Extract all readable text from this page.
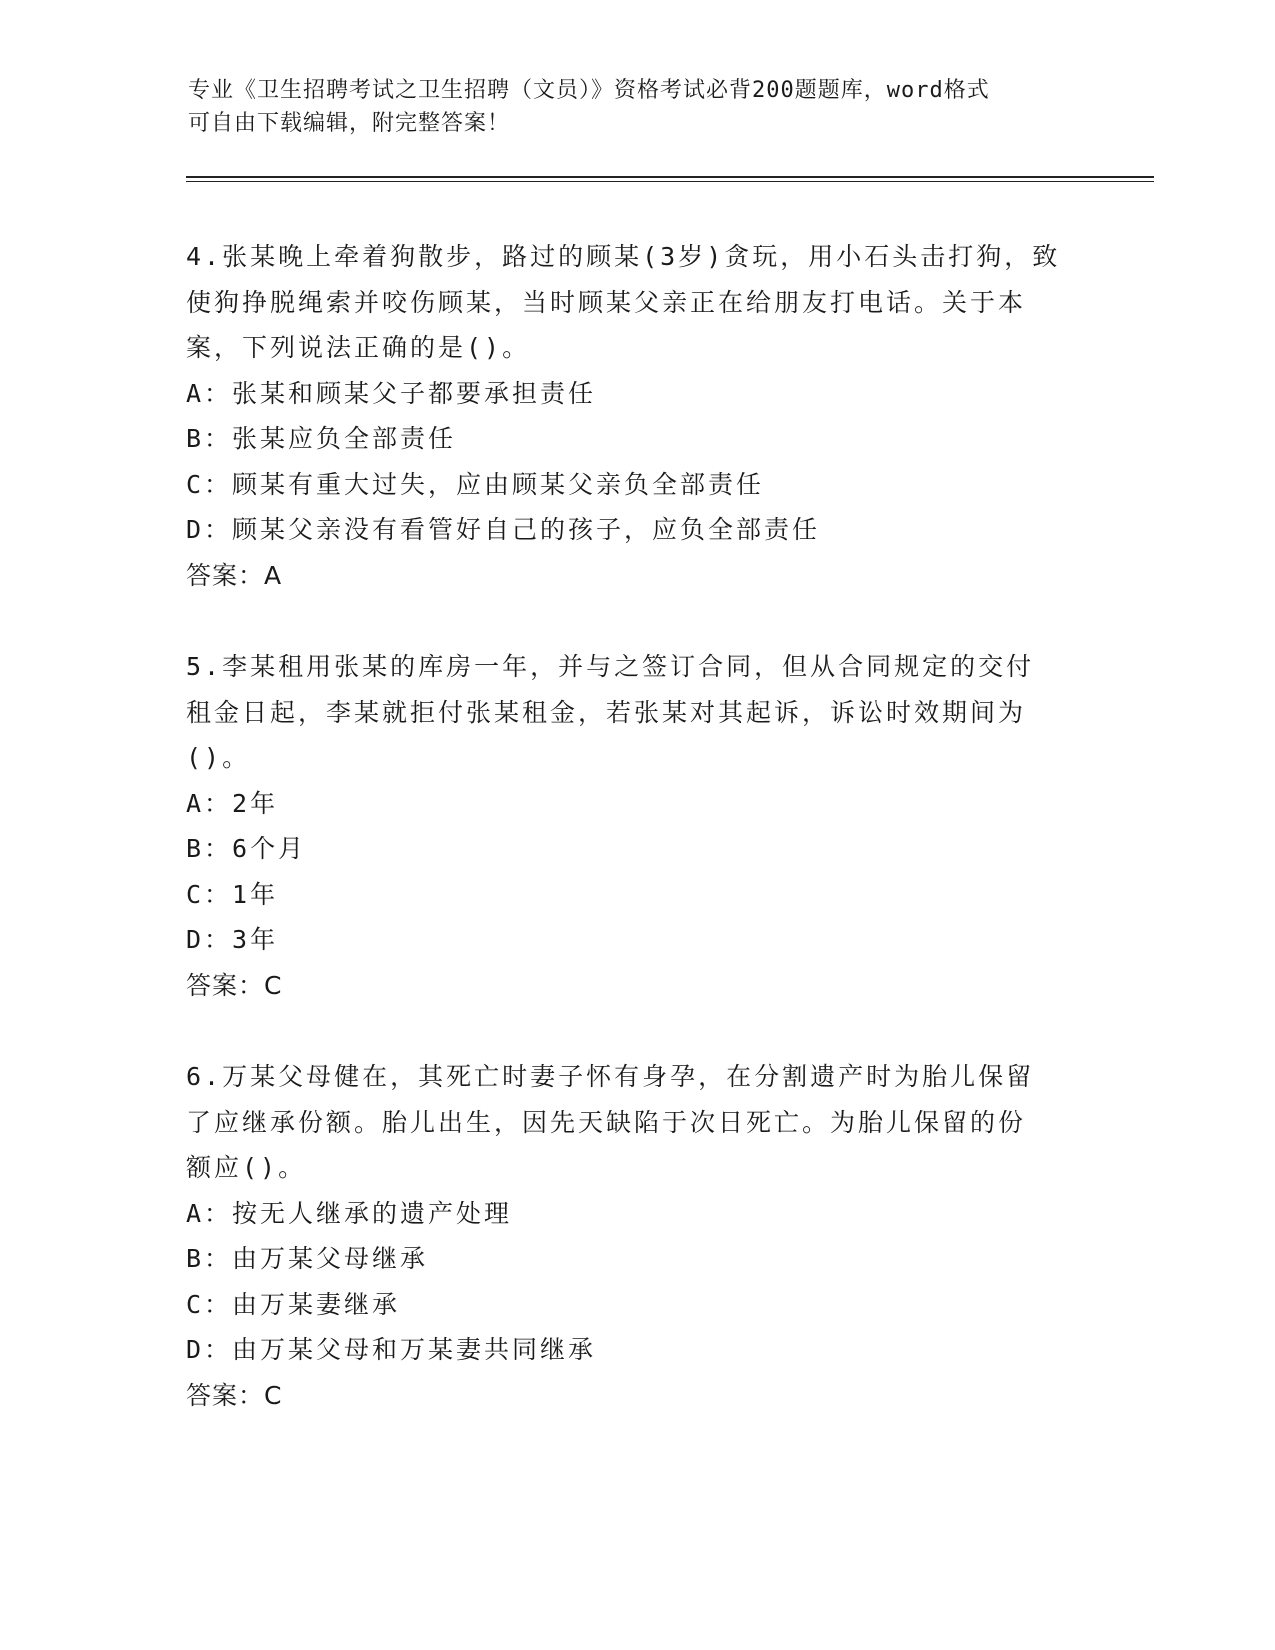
专业《卫生招聘考试之卫生招聘（文员）》资格考试必背200题题库，word格式
可自由下载编辑，附完整答案！
4.张某晚上牵着狗散步，路过的顾某(3岁)贪玩，用小石头击打狗，致
使狗挣脱绳索并咬伤顾某，当时顾某父亲正在给朋友打电话。关于本
案，下列说法正确的是()。
A：张某和顾某父子都要承担责任
B：张某应负全部责任
C：顾某有重大过失，应由顾某父亲负全部责任
D：顾某父亲没有看管好自己的孩子，应负全部责任
答案：A
5.李某租用张某的库房一年，并与之签订合同，但从合同规定的交付
租金日起，李某就拒付张某租金，若张某对其起诉，诉讼时效期间为
()。
A：2年
B：6个月
C：1年
D：3年
答案：C
6.万某父母健在，其死亡时妻子怀有身孕，在分割遗产时为胎儿保留
了应继承份额。胎儿出生，因先天缺陷于次日死亡。为胎儿保留的份
额应()。
A：按无人继承的遗产处理
B：由万某父母继承
C：由万某妻继承
D：由万某父母和万某妻共同继承
答案：C
